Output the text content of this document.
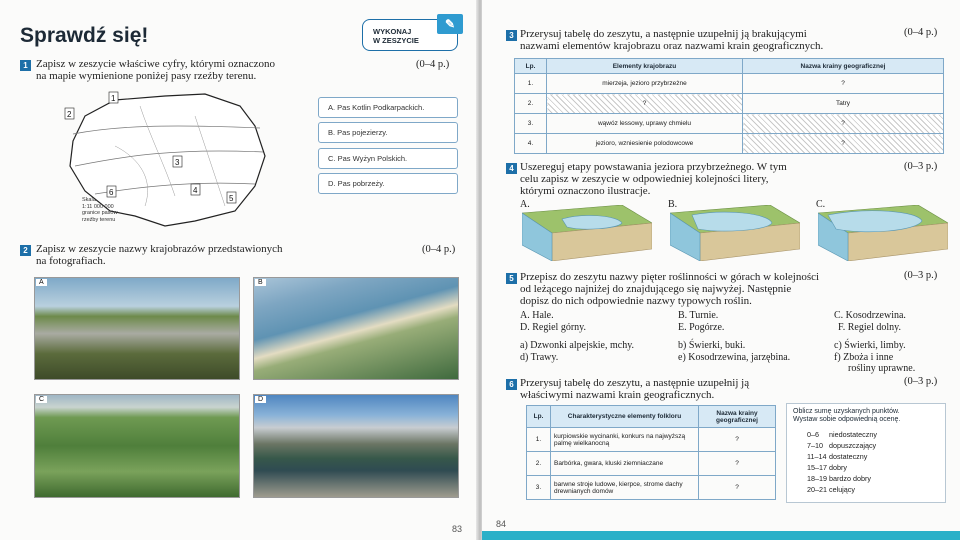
Sprawdź się!	WYKONAJ
W ZESZYCIE
✎
1 Zapisz w zeszycie właściwe cyfry, którymi oznaczono
na mapie wymienione poniżej pasy rzeźby terenu.
(0–4 p.)
1
2
3
4
5
6
Skala
1:11 000 000
granice pasów
rzeźby terenu
A. Pas Kotlin Podkarpackich.
B. Pas pojezierzy.
C. Pas Wyżyn Polskich.
D. Pas pobrzeży.
2 Zapisz w zeszycie nazwy krajobrazów przedstawionych
na fotografiach.
(0–4 p.)
A	B
C	D
83
3 Przerysuj tabelę do zeszytu, a następnie uzupełnij ją brakującymi
nazwami elementów krajobrazu oraz nazwami krain geograficznych.
(0–4 p.)
Lp.	Elementy krajobrazu	Nazwa krainy geograficznej
1.	mierzeja, jezioro przybrzeżne	?
2.	?	Tatry
3.	wąwóz lessowy, uprawy chmielu	?
4.	jezioro, wzniesienie polodowcowe	?
4 Uszereguj etapy powstawania jeziora przybrzeżnego. W tym
celu zapisz w zeszycie w odpowiedniej kolejności litery,
którymi oznaczono ilustracje.
(0–3 p.)
A.	B.	C.
5 Przepisz do zeszytu nazwy pięter roślinności w górach w kolejności
od leżącego najniżej do znajdującego się najwyżej. Następnie
dopisz do nich odpowiednie nazwy typowych roślin.
(0–3 p.)
A. Hale.	B. Turnie.	C. Kosodrzewina.
D. Regiel górny.	E. Pogórze.	F. Regiel dolny.
a) Dzwonki alpejskie, mchy.	b) Świerki, buki.	c) Świerki, limby.
d) Trawy.	e) Kosodrzewina, jarzębina.	f) Zboża i inne
rośliny uprawne.
6 Przerysuj tabelę do zeszytu, a następnie uzupełnij ją
właściwymi nazwami krain geograficznych.
(0–3 p.)
Lp.	Charakterystyczne elementy folkloru	Nazwa krainy geograficznej
1.	kurpiowskie wycinanki, konkurs na najwyższą palmę wielkanocną	?
2.	Barbórka, gwara, kluski ziemniaczane	?
3.	barwne stroje ludowe, kierpce, strome dachy drewnianych domów	?
84
Oblicz sumę uzyskanych punktów.
Wystaw sobie odpowiednią ocenę.
0–6 niedostateczny
7–10 dopuszczający
11–14 dostateczny
15–17 dobry
18–19 bardzo dobry
20–21 celujący
